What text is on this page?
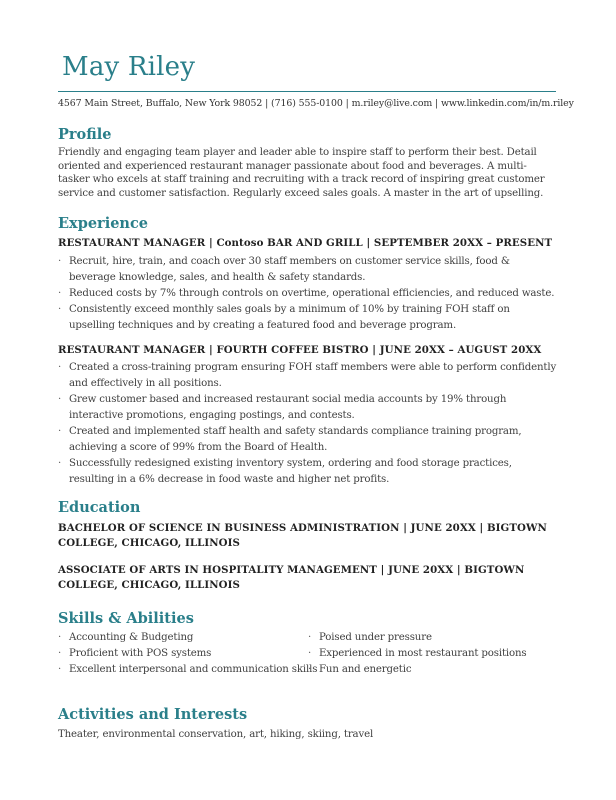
May Riley
4567 Main Street, Buffalo, New York 98052 | (716) 555-0100 | m.riley@live.com | www.linkedin.com/in/m.riley
Profile
Friendly and engaging team player and leader able to inspire staff to perform their best. Detail oriented and experienced restaurant manager passionate about food and beverages. A multi-tasker who excels at staff training and recruiting with a track record of inspiring great customer service and customer satisfaction. Regularly exceed sales goals. A master in the art of upselling.
Experience
RESTAURANT MANAGER | Contoso BAR AND GRILL | SEPTEMBER 20XX – PRESENT
· Recruit, hire, train, and coach over 30 staff members on customer service skills, food & beverage knowledge, sales, and health & safety standards.
· Reduced costs by 7% through controls on overtime, operational efficiencies, and reduced waste.
· Consistently exceed monthly sales goals by a minimum of 10% by training FOH staff on upselling techniques and by creating a featured food and beverage program.
RESTAURANT MANAGER | FOURTH COFFEE BISTRO | JUNE 20XX – AUGUST 20XX
· Created a cross-training program ensuring FOH staff members were able to perform confidently and effectively in all positions.
· Grew customer based and increased restaurant social media accounts by 19% through interactive promotions, engaging postings, and contests.
· Created and implemented staff health and safety standards compliance training program, achieving a score of 99% from the Board of Health.
· Successfully redesigned existing inventory system, ordering and food storage practices, resulting in a 6% decrease in food waste and higher net profits.
Education
BACHELOR OF SCIENCE IN BUSINESS ADMINISTRATION | JUNE 20XX | BIGTOWN COLLEGE, CHICAGO, ILLINOIS
ASSOCIATE OF ARTS IN HOSPITALITY MANAGEMENT | JUNE 20XX | BIGTOWN COLLEGE, CHICAGO, ILLINOIS
Skills & Abilities
· Accounting & Budgeting
· Proficient with POS systems
· Excellent interpersonal and communication skills
· Poised under pressure
· Experienced in most restaurant positions
· Fun and energetic
Activities and Interests
Theater, environmental conservation, art, hiking, skiing, travel
